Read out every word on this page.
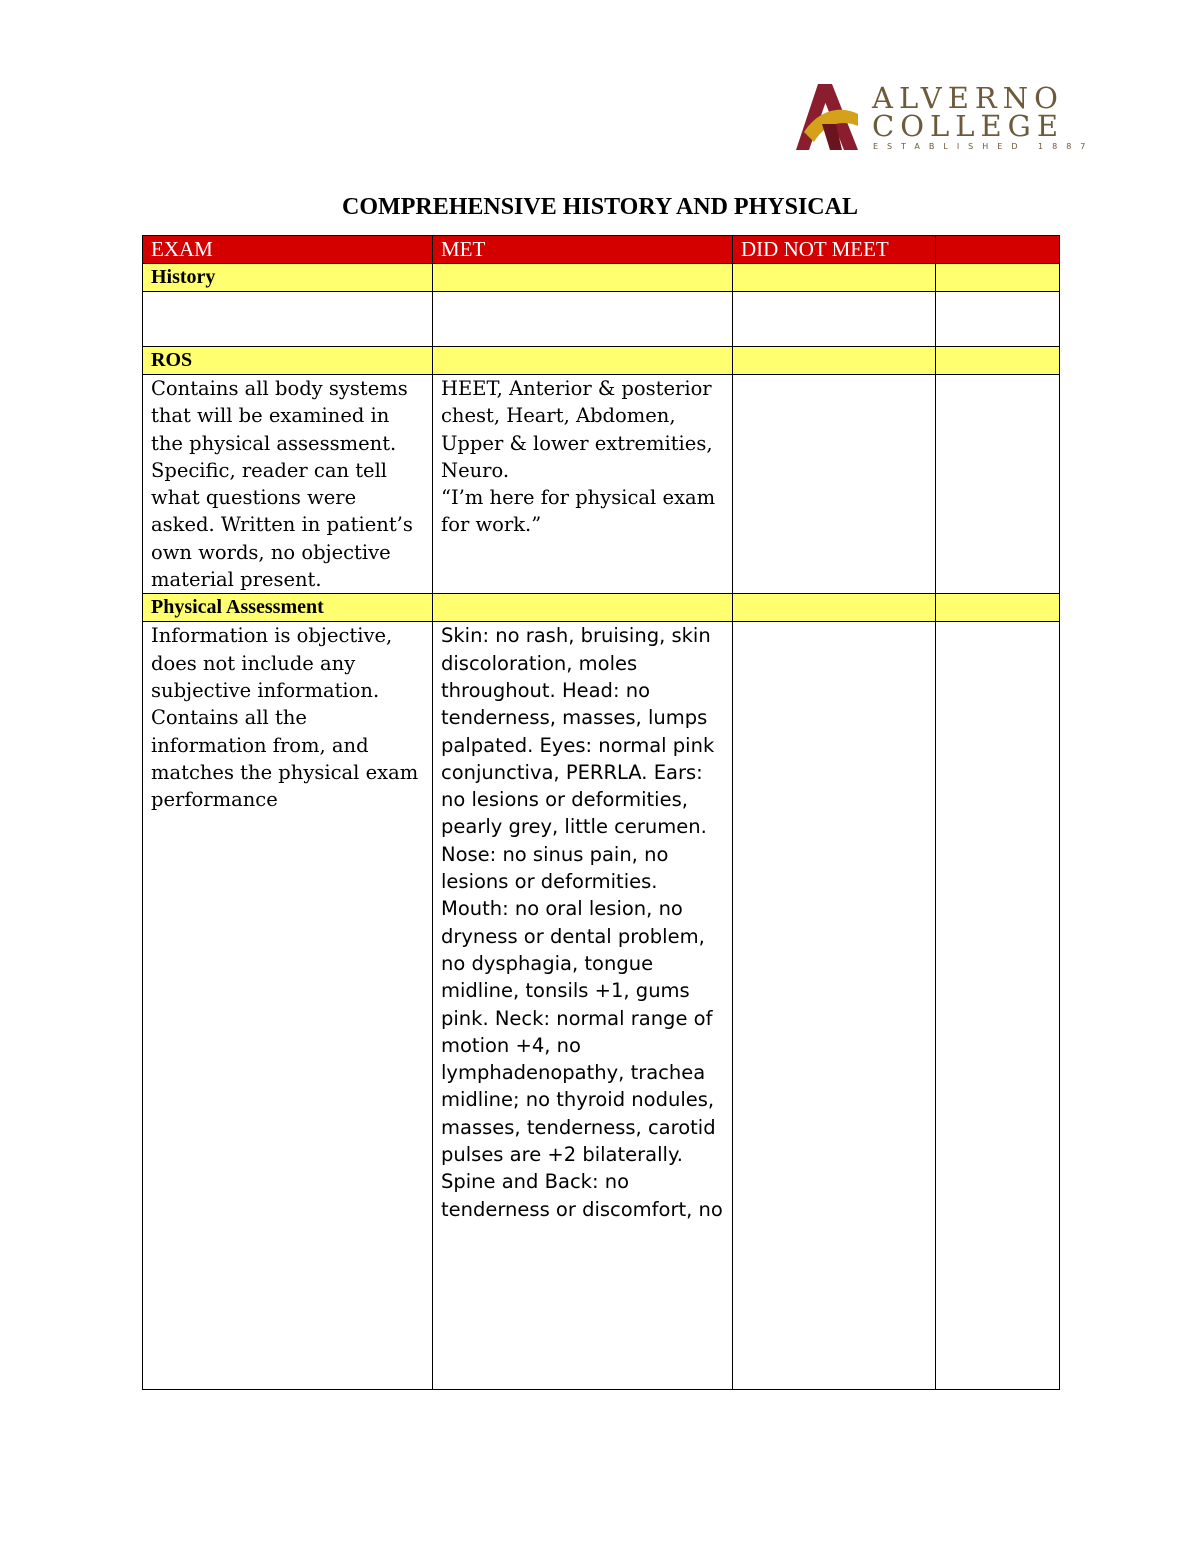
ALVERNO
COLLEGE
ESTABLISHED 1887
COMPREHENSIVE HISTORY AND PHYSICAL
EXAM	MET	DID NOT MEET	
History			

ROS			
Contains all body systems that will be examined in the physical assessment. Specific, reader can tell what questions were asked. Written in patient’s own words, no objective material present.	HEET, Anterior & posterior chest, Heart, Abdomen, Upper & lower extremities, Neuro.
“I’m here for physical exam for work.”		

Physical Assessment			
Information is objective, does not include any subjective information. Contains all the information from, and matches the physical exam performance	Skin: no rash, bruising, skin discoloration, moles throughout. Head: no tenderness, masses, lumps palpated. Eyes: normal pink conjunctiva, PERRLA. Ears: no lesions or deformities, pearly grey, little cerumen. Nose: no sinus pain, no lesions or deformities. Mouth: no oral lesion, no dryness or dental problem, no dysphagia, tongue midline, tonsils +1, gums pink. Neck: normal range of motion +4, no lymphadenopathy, trachea midline; no thyroid nodules, masses, tenderness, carotid pulses are +2 bilaterally. Spine and Back: no tenderness or discomfort, no		
